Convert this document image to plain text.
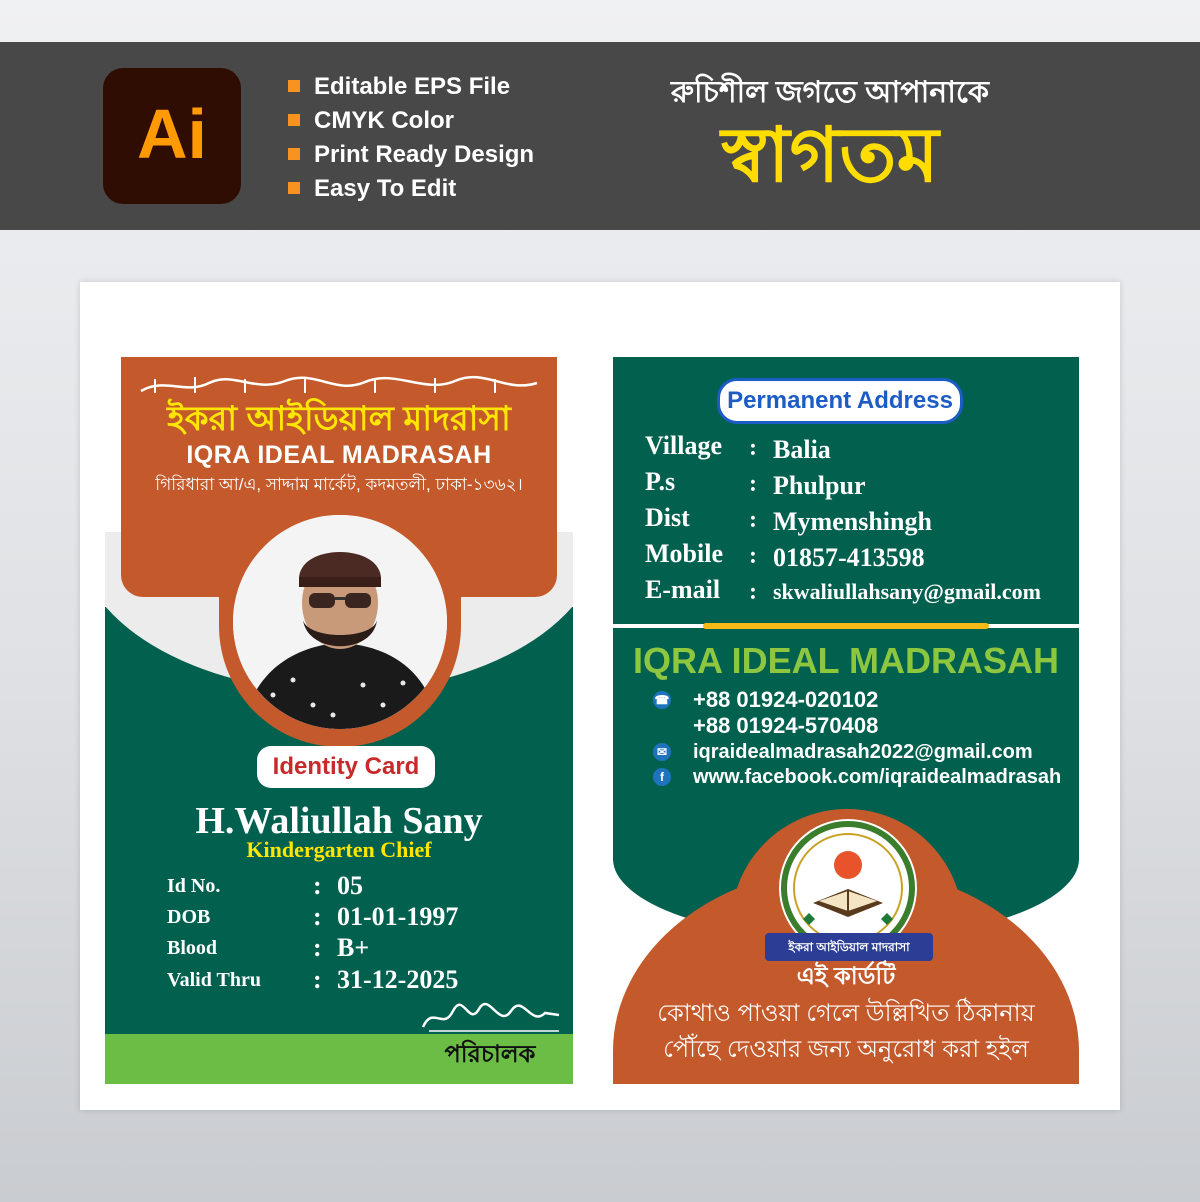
Ai
Editable EPS File
CMYK Color
Print Ready Design
Easy To Edit
রুচিশীল জগতে আপানাকে
স্বাগতম
ইকরা আইডিয়াল মাদরাসা
IQRA IDEAL MADRASAH
গিরিধারা আ/এ, সাদ্দাম মার্কেট, কদমতলী, ঢাকা-১৩৬২।
Identity Card
H.Waliullah Sany
Kindergarten Chief
Id No.	: 05
DOB	: 01-01-1997
Blood	: B+
Valid Thru : 31-12-2025
পরিচালক
Permanent Address
Village : Balia
P.s	: Phulpur
Dist : Mymenshingh
Mobile : 01857-413598
E-mail : skwaliullahsany@gmail.com
IQRA IDEAL MADRASAH
☎ +88 01924-020102
+88 01924-570408
✉ iqraidealmadrasah2022@gmail.com
f	www.facebook.com/iqraidealmadrasah
ইকরা আইডিয়াল মাদরাসা
এই কার্ডটি
কোথাও পাওয়া গেলে উল্লিখিত ঠিকানায়
পৌঁছে দেওয়ার জন্য অনুরোধ করা হইল
